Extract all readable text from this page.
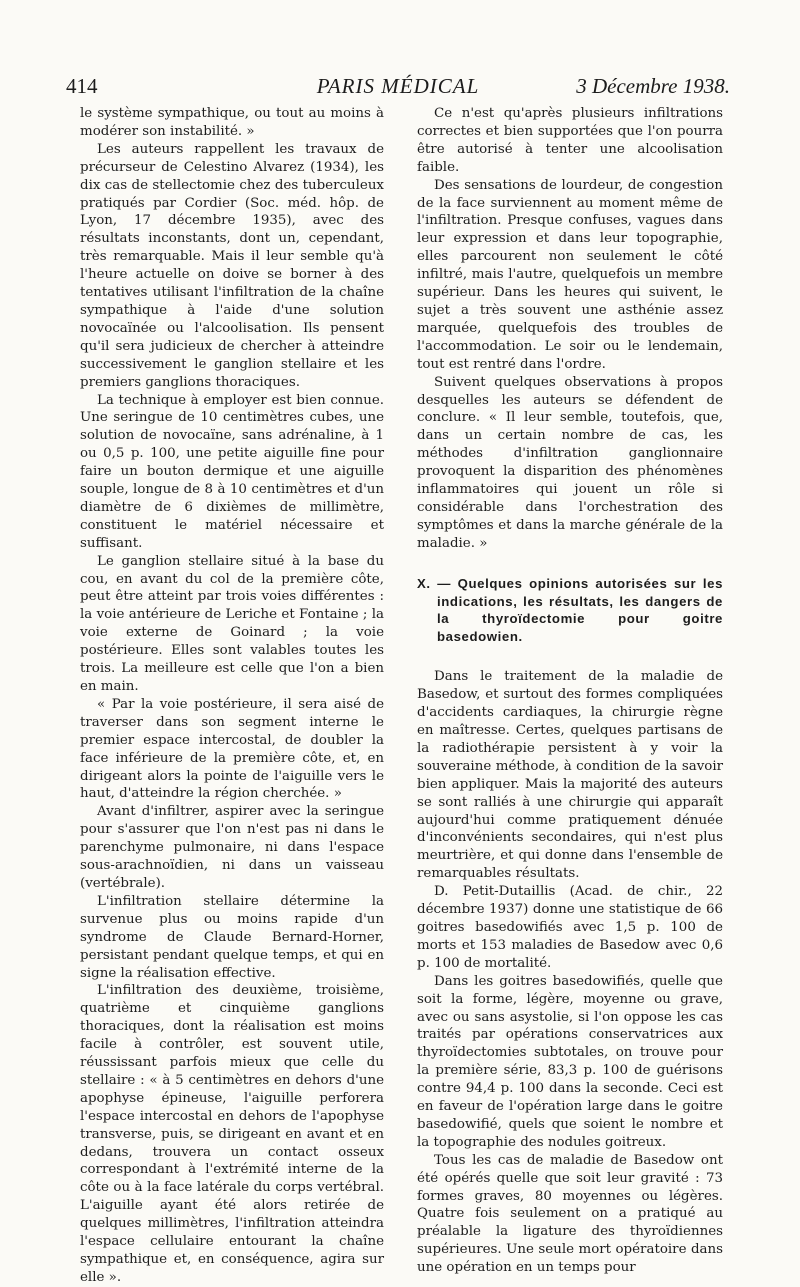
414	PARIS MÉDICAL	3 Décembre 1938.

le système sympathique, ou tout au moins à modérer son instabilité. »

Les auteurs rappellent les travaux de précurseur de Celestino Alvarez (1934), les dix cas de stellectomie chez des tuberculeux pratiqués par Cordier (Soc. méd. hôp. de Lyon, 17 décembre 1935), avec des résultats inconstants, dont un, cependant, très remarquable. Mais il leur semble qu'à l'heure actuelle on doive se borner à des tentatives utilisant l'infiltration de la chaîne sympathique à l'aide d'une solution novocaïnée ou l'alcoolisation. Ils pensent qu'il sera judicieux de chercher à atteindre successivement le ganglion stellaire et les premiers ganglions thoraciques.

La technique à employer est bien connue. Une seringue de 10 centimètres cubes, une solution de novocaïne, sans adrénaline, à 1 ou 0,5 p. 100, une petite aiguille fine pour faire un bouton dermique et une aiguille souple, longue de 8 à 10 centimètres et d'un diamètre de 6 dixièmes de millimètre, constituent le matériel nécessaire et suffisant.

Le ganglion stellaire situé à la base du cou, en avant du col de la première côte, peut être atteint par trois voies différentes : la voie antérieure de Leriche et Fontaine ; la voie externe de Goinard ; la voie postérieure. Elles sont valables toutes les trois. La meilleure est celle que l'on a bien en main.

« Par la voie postérieure, il sera aisé de traverser dans son segment interne le premier espace intercostal, de doubler la face inférieure de la première côte, et, en dirigeant alors la pointe de l'aiguille vers le haut, d'atteindre la région cherchée. »

Avant d'infiltrer, aspirer avec la seringue pour s'assurer que l'on n'est pas ni dans le parenchyme pulmonaire, ni dans l'espace sous-arachnoïdien, ni dans un vaisseau (vertébrale).

L'infiltration stellaire détermine la survenue plus ou moins rapide d'un syndrome de Claude Bernard-Horner, persistant pendant quelque temps, et qui en signe la réalisation effective.

L'infiltration des deuxième, troisième, quatrième et cinquième ganglions thoraciques, dont la réalisation est moins facile à contrôler, est souvent utile, réussissant parfois mieux que celle du stellaire : « à 5 centimètres en dehors d'une apophyse épineuse, l'aiguille perforera l'espace intercostal en dehors de l'apophyse transverse, puis, se dirigeant en avant et en dedans, trouvera un contact osseux correspondant à l'extrémité interne de la côte ou à la face latérale du corps vertébral. L'aiguille ayant été alors retirée de quelques millimètres, l'infiltration atteindra l'espace cellulaire entourant la chaîne sympathique et, en conséquence, agira sur elle ».

Ce n'est qu'après plusieurs infiltrations correctes et bien supportées que l'on pourra être autorisé à tenter une alcoolisation faible.

Des sensations de lourdeur, de congestion de la face surviennent au moment même de l'infiltration. Presque confuses, vagues dans leur expression et dans leur topographie, elles parcourent non seulement le côté infiltré, mais l'autre, quelquefois un membre supérieur. Dans les heures qui suivent, le sujet a très souvent une asthénie assez marquée, quelquefois des troubles de l'accommodation. Le soir ou le lendemain, tout est rentré dans l'ordre.

Suivent quelques observations à propos desquelles les auteurs se défendent de conclure. « Il leur semble, toutefois, que, dans un certain nombre de cas, les méthodes d'infiltration ganglionnaire provoquent la disparition des phénomènes inflammatoires qui jouent un rôle si considérable dans l'orchestration des symptômes et dans la marche générale de la maladie. »

X. — Quelques opinions autorisées sur les indications, les résultats, les dangers de la thyroïdectomie pour goitre basedowien.

Dans le traitement de la maladie de Basedow, et surtout des formes compliquées d'accidents cardiaques, la chirurgie règne en maîtresse. Certes, quelques partisans de la radiothérapie persistent à y voir la souveraine méthode, à condition de la savoir bien appliquer. Mais la majorité des auteurs se sont ralliés à une chirurgie qui apparaît aujourd'hui comme pratiquement dénuée d'inconvénients secondaires, qui n'est plus meurtrière, et qui donne dans l'ensemble de remarquables résultats.

D. Petit-Dutaillis (Acad. de chir., 22 décembre 1937) donne une statistique de 66 goitres basedowifiés avec 1,5 p. 100 de morts et 153 maladies de Basedow avec 0,6 p. 100 de mortalité.

Dans les goitres basedowifiés, quelle que soit la forme, légère, moyenne ou grave, avec ou sans asystolie, si l'on oppose les cas traités par opérations conservatrices aux thyroïdectomies subtotales, on trouve pour la première série, 83,3 p. 100 de guérisons contre 94,4 p. 100 dans la seconde. Ceci est en faveur de l'opération large dans le goitre basedowifié, quels que soient le nombre et la topographie des nodules goitreux.

Tous les cas de maladie de Basedow ont été opérés quelle que soit leur gravité : 73 formes graves, 80 moyennes ou légères. Quatre fois seulement on a pratiqué au préalable la ligature des thyroïdiennes supérieures. Une seule mort opératoire dans une opération en un temps pour
